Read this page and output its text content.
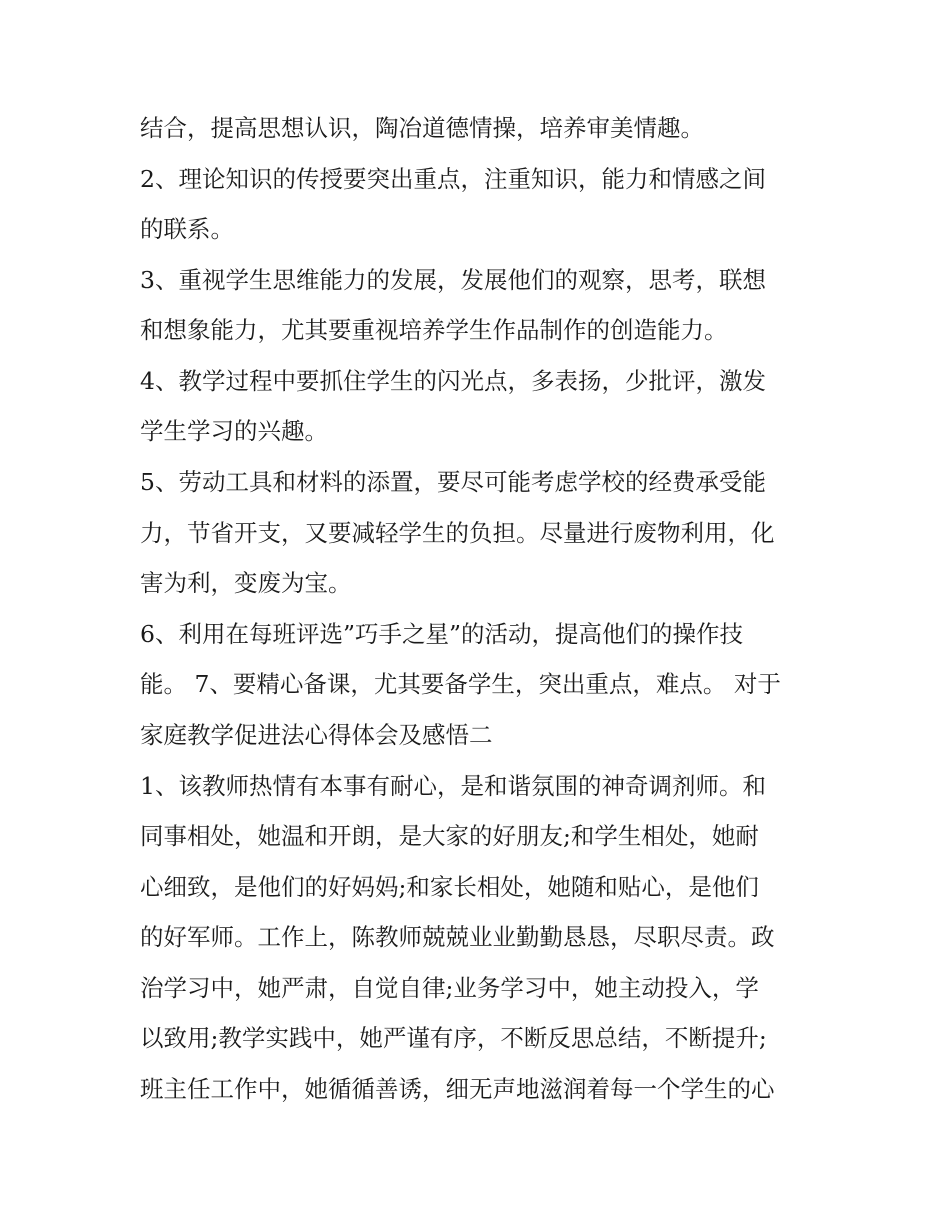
结合，提高思想认识，陶冶道德情操，培养审美情趣。
2、理论知识的传授要突出重点，注重知识，能力和情感之间
的联系。
3、重视学生思维能力的发展，发展他们的观察，思考，联想
和想象能力，尤其要重视培养学生作品制作的创造能力。
4、教学过程中要抓住学生的闪光点，多表扬，少批评，激发
学生学习的兴趣。
5、劳动工具和材料的添置，要尽可能考虑学校的经费承受能
力，节省开支，又要减轻学生的负担。尽量进行废物利用，化
害为利，变废为宝。
6、利用在每班评选”巧手之星”的活动，提高他们的操作技
能。 7、要精心备课，尤其要备学生，突出重点，难点。 对于
家庭教学促进法心得体会及感悟二
1、该教师热情有本事有耐心，是和谐氛围的神奇调剂师。和
同事相处，她温和开朗，是大家的好朋友;和学生相处，她耐
心细致，是他们的好妈妈;和家长相处，她随和贴心，是他们
的好军师。工作上，陈教师兢兢业业勤勤恳恳，尽职尽责。政
治学习中，她严肃，自觉自律;业务学习中，她主动投入，学
以致用;教学实践中，她严谨有序，不断反思总结，不断提升;
班主任工作中，她循循善诱，细无声地滋润着每一个学生的心
